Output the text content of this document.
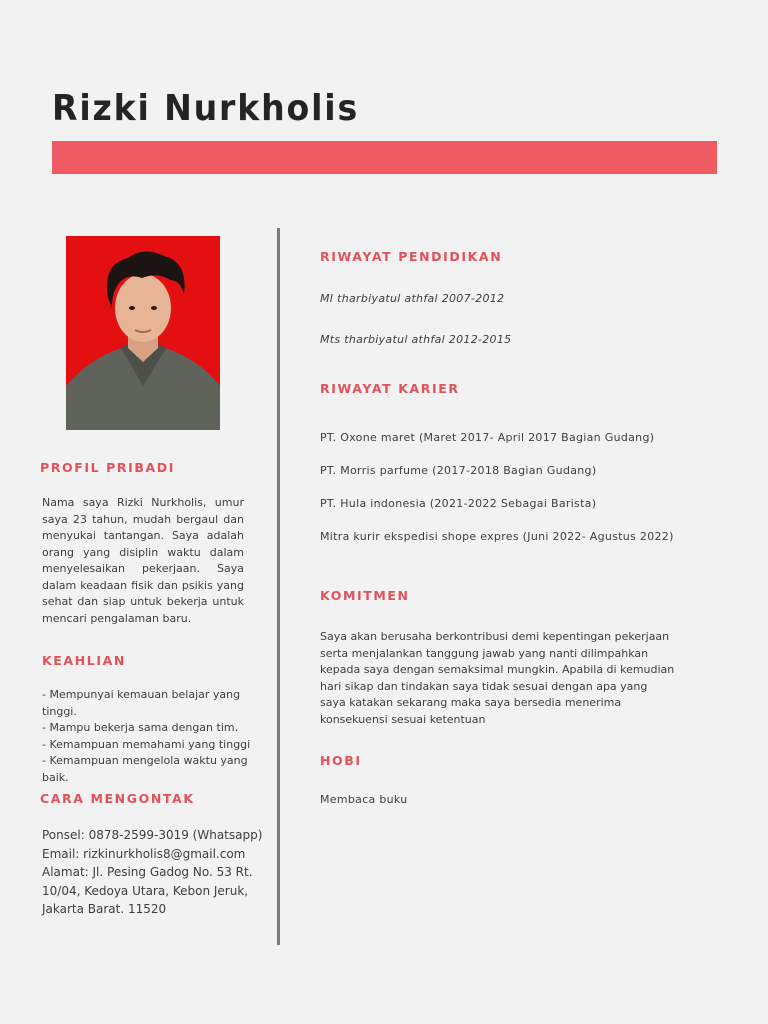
Rizki Nurkholis
PROFIL PRIBADI
Nama saya Rizki Nurkholis, umur saya 23 tahun, mudah bergaul dan menyukai tantangan. Saya adalah orang yang disiplin waktu dalam menyelesaikan pekerjaan. Saya dalam keadaan fisik dan psikis yang sehat dan siap untuk bekerja untuk mencari pengalaman baru.
KEAHLIAN
- Mempunyai kemauan belajar yang tinggi.
- Mampu bekerja sama dengan tim.
- Kemampuan memahami yang tinggi
- Kemampuan mengelola waktu yang baik.
CARA MENGONTAK
Ponsel: 0878-2599-3019 (Whatsapp)
Email: rizkinurkholis8@gmail.com
Alamat: Jl. Pesing Gadog No. 53 Rt.
10/04, Kedoya Utara, Kebon Jeruk,
Jakarta Barat. 11520
RIWAYAT PENDIDIKAN
MI tharbiyatul athfal 2007-2012
Mts tharbiyatul athfal 2012-2015
RIWAYAT KARIER
PT. Oxone maret (Maret 2017- April 2017 Bagian Gudang)
PT. Morris parfume (2017-2018 Bagian Gudang)
PT. Hula indonesia (2021-2022 Sebagai Barista)
Mitra kurir ekspedisi shope expres (Juni 2022- Agustus 2022)
KOMITMEN
Saya akan berusaha berkontribusi demi kepentingan pekerjaan serta menjalankan tanggung jawab yang nanti dilimpahkan kepada saya dengan semaksimal mungkin. Apabila di kemudian hari sikap dan tindakan saya tidak sesuai dengan apa yang saya katakan sekarang maka saya bersedia menerima konsekuensi sesuai ketentuan
HOBI
Membaca buku
